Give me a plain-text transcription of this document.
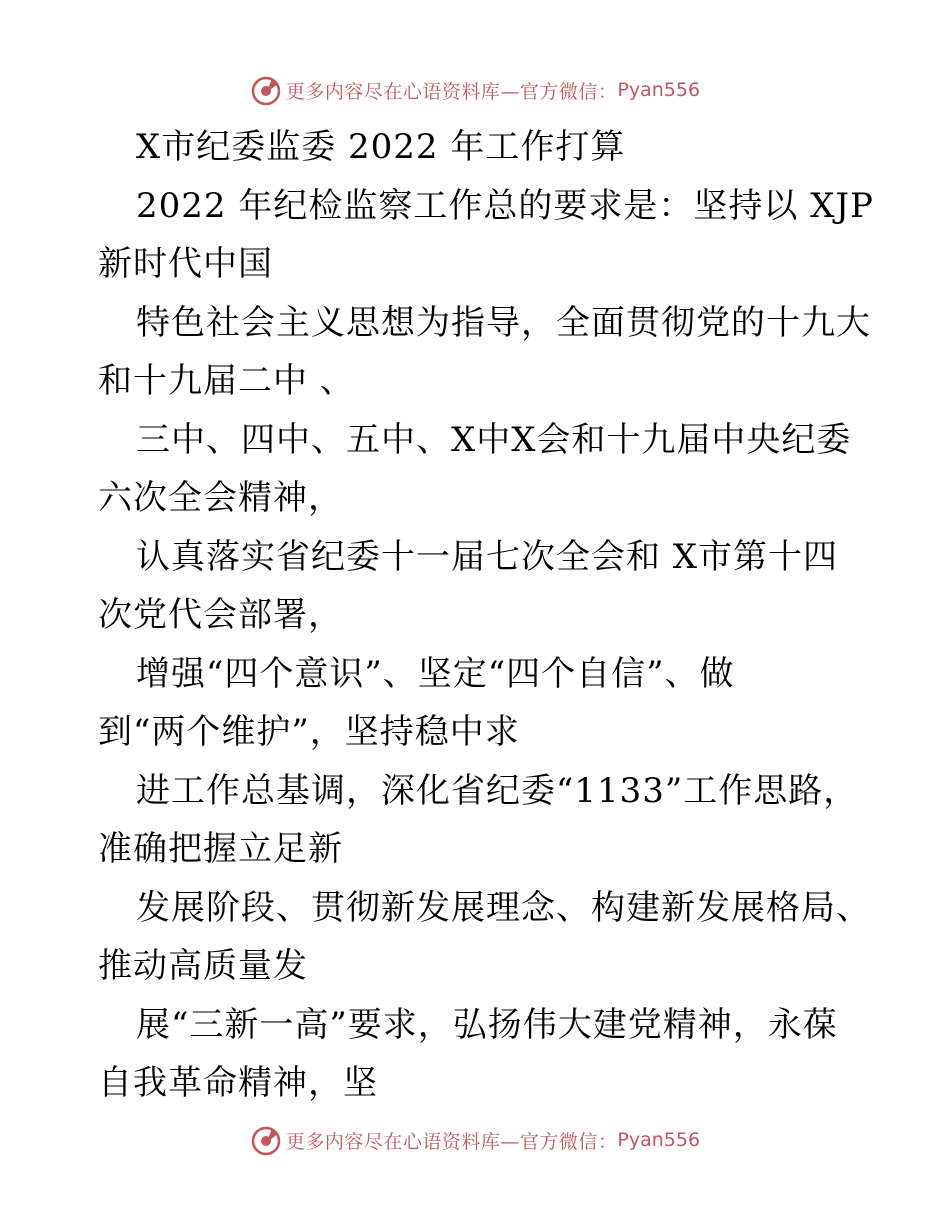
更多内容尽在心语资料库—官方微信： Pyan556
X市纪委监委 2022 年工作打算
2022 年纪检监察工作总的要求是：坚持以 XJP
新时代中国
特色社会主义思想为指导，全面贯彻党的十九大
和十九届二中 、
三中、四中、五中、X中X会和十九届中央纪委
六次全会精神，
认真落实省纪委十一届七次全会和 X市第十四
次党代会部署，
增强“四个意识”、坚定“四个自信”、做
到“两个维护”，坚持稳中求
进工作总基调，深化省纪委“1133”工作思路，
准确把握立足新
发展阶段、贯彻新发展理念、构建新发展格局、
推动高质量发
展“三新一高”要求，弘扬伟大建党精神，永葆
自我革命精神，坚
更多内容尽在心语资料库—官方微信： Pyan556
